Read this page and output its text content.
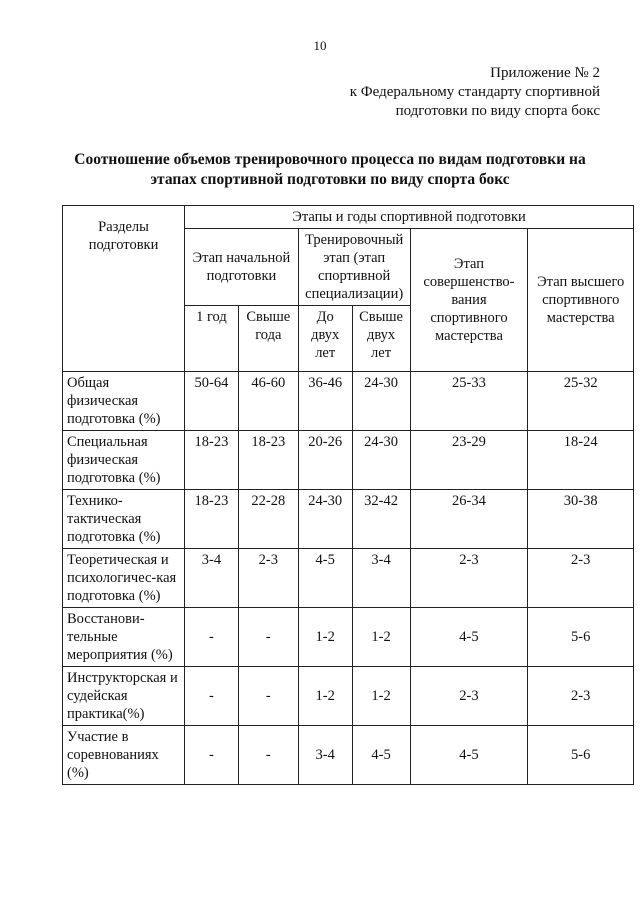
10
Приложение № 2
к Федеральному стандарту спортивной
подготовки по виду спорта бокс
Соотношение объемов тренировочного процесса по видам подготовки на
этапах спортивной подготовки по виду спорта бокс
Разделы подготовки	Этапы и годы спортивной подготовки					
	Этап начальной подготовки		Тренировочный этап (этап спортивной специализации)		Этап совершенство-вания спортивного мастерства	Этап высшего спортивного мастерства
	1 год	Свыше года	До двух лет	Свыше двух лет		
Общая физическая подготовка (%)	50-64	46-60	36-46	24-30	25-33	25-32
Специальная физическая подготовка (%)	18-23	18-23	20-26	24-30	23-29	18-24
Технико-тактическая подготовка (%)	18-23	22-28	24-30	32-42	26-34	30-38
Теоретическая и психологичес-кая подготовка (%)	3-4	2-3	4-5	3-4	2-3	2-3
Восстанови-тельные мероприятия (%)	-	-	1-2	1-2	4-5	5-6
Инструкторская и судейская практика(%)	-	-	1-2	1-2	2-3	2-3
Участие в соревнованиях (%)	-	-	3-4	4-5	4-5	5-6
